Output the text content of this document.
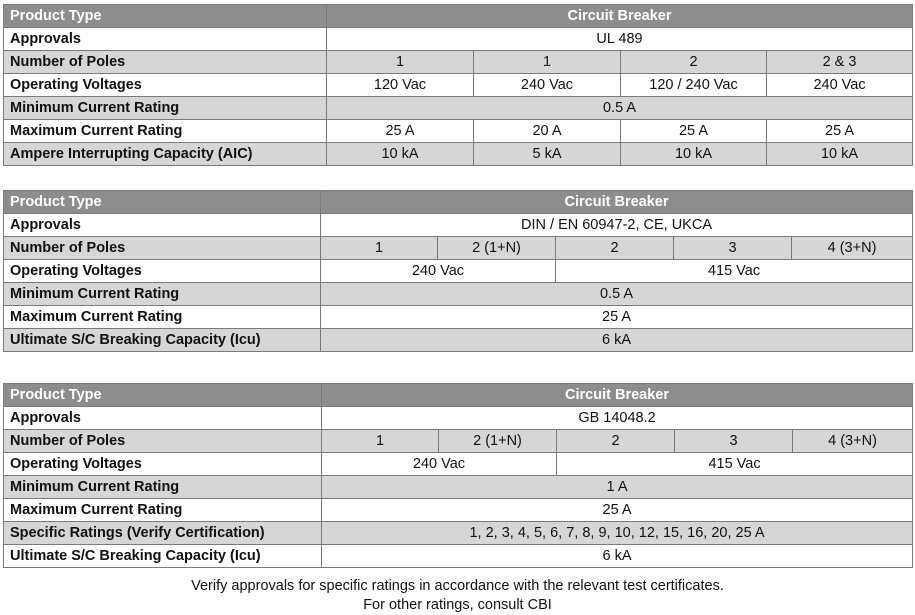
Product Type	Circuit Breaker			
Approvals	UL 489			
Number of Poles	1	1	2	2 & 3
Operating Voltages	120 Vac	240 Vac	120 / 240 Vac	240 Vac
Minimum Current Rating	0.5 A			
Maximum Current Rating	25 A	20 A	25 A	25 A
Ampere Interrupting Capacity (AIC)	10 kA	5 kA	10 kA	10 kA
Product Type	Circuit Breaker				
Approvals	DIN / EN 60947-2, CE, UKCA				
Number of Poles	1	2 (1+N)	2	3	4 (3+N)
Operating Voltages	240 Vac		415 Vac		
Minimum Current Rating	0.5 A				
Maximum Current Rating	25 A				
Ultimate S/C Breaking Capacity (Icu)	6 kA				
Product Type	Circuit Breaker				
Approvals	GB 14048.2				
Number of Poles	1	2 (1+N)	2	3	4 (3+N)
Operating Voltages	240 Vac		415 Vac		
Minimum Current Rating	1 A				
Maximum Current Rating	25 A				
Specific Ratings (Verify Certification)	1, 2, 3, 4, 5, 6, 7, 8, 9, 10, 12, 15, 16, 20, 25 A				
Ultimate S/C Breaking Capacity (Icu)	6 kA				
Verify approvals for specific ratings in accordance with the relevant test certificates.
For other ratings, consult CBI
